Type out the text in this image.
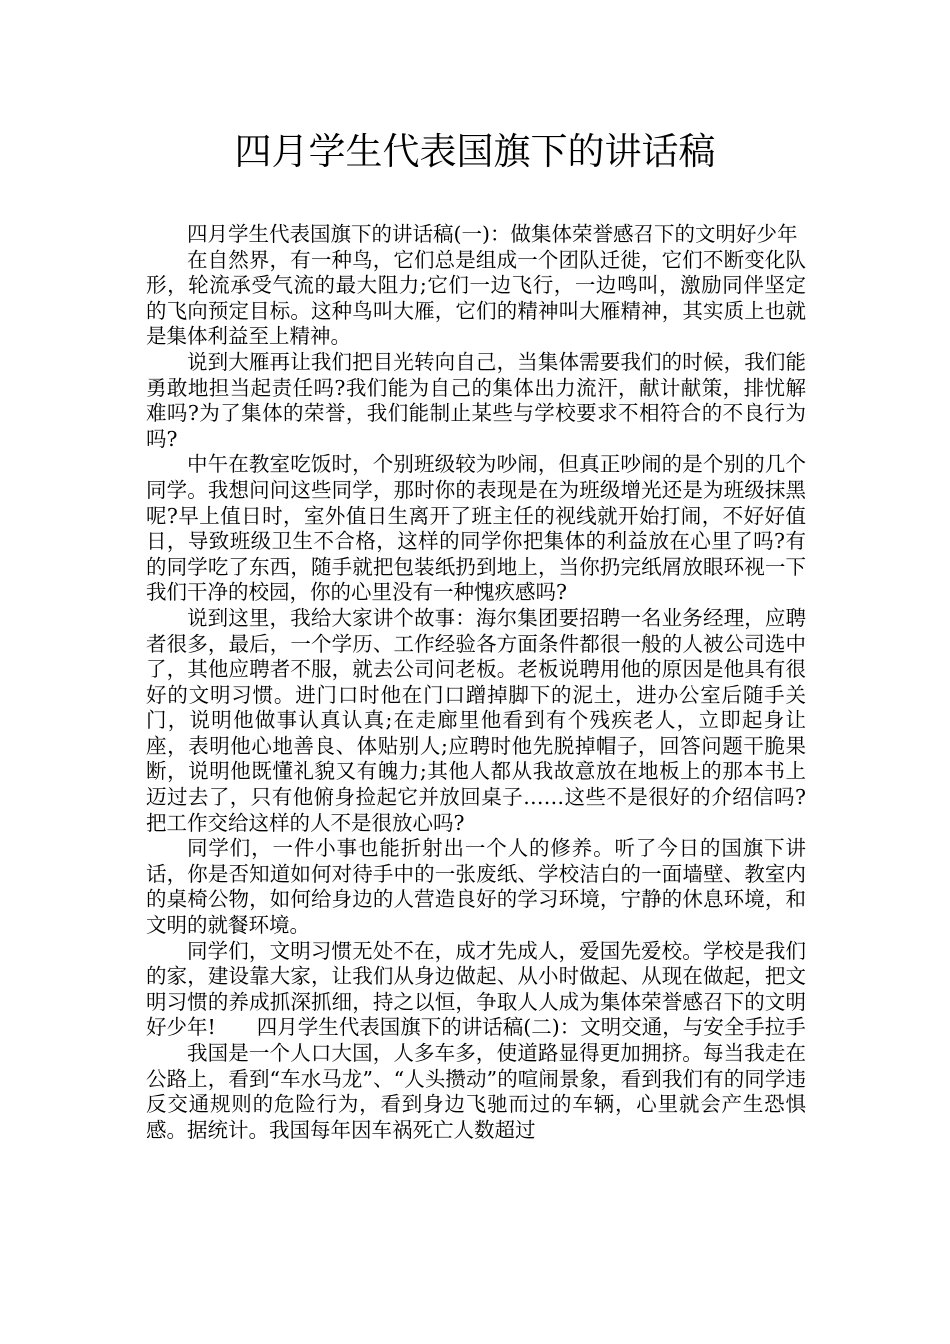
四月学生代表国旗下的讲话稿

四月学生代表国旗下的讲话稿(一)：做集体荣誉感召下的文明好少年

在自然界，有一种鸟，它们总是组成一个团队迁徙，它们不断变化队形，轮流承受气流的最大阻力;它们一边飞行，一边鸣叫，激励同伴坚定的飞向预定目标。这种鸟叫大雁，它们的精神叫大雁精神，其实质上也就是集体利益至上精神。

说到大雁再让我们把目光转向自己，当集体需要我们的时候，我们能勇敢地担当起责任吗?我们能为自己的集体出力流汗，献计献策，排忧解难吗?为了集体的荣誉，我们能制止某些与学校要求不相符合的不良行为吗?

中午在教室吃饭时，个别班级较为吵闹，但真正吵闹的是个别的几个同学。我想问问这些同学，那时你的表现是在为班级增光还是为班级抹黑呢?早上值日时，室外值日生离开了班主任的视线就开始打闹，不好好值日，导致班级卫生不合格，这样的同学你把集体的利益放在心里了吗?有的同学吃了东西，随手就把包装纸扔到地上，当你扔完纸屑放眼环视一下我们干净的校园，你的心里没有一种愧疚感吗?

说到这里，我给大家讲个故事：海尔集团要招聘一名业务经理，应聘者很多，最后，一个学历、工作经验各方面条件都很一般的人被公司选中了，其他应聘者不服，就去公司问老板。老板说聘用他的原因是他具有很好的文明习惯。进门口时他在门口蹭掉脚下的泥土，进办公室后随手关门，说明他做事认真认真;在走廊里他看到有个残疾老人，立即起身让座，表明他心地善良、体贴别人;应聘时他先脱掉帽子，回答问题干脆果断，说明他既懂礼貌又有魄力;其他人都从我故意放在地板上的那本书上迈过去了，只有他俯身捡起它并放回桌子……这些不是很好的介绍信吗?把工作交给这样的人不是很放心吗?

同学们，一件小事也能折射出一个人的修养。听了今日的国旗下讲话，你是否知道如何对待手中的一张废纸、学校洁白的一面墙壁、教室内的桌椅公物，如何给身边的人营造良好的学习环境，宁静的休息环境，和文明的就餐环境。

同学们，文明习惯无处不在，成才先成人，爱国先爱校。学校是我们的家，建设靠大家，让我们从身边做起、从小时做起、从现在做起，把文明习惯的养成抓深抓细，持之以恒，争取人人成为集体荣誉感召下的文明好少年!　　四月学生代表国旗下的讲话稿(二)：文明交通，与安全手拉手

我国是一个人口大国，人多车多，使道路显得更加拥挤。每当我走在公路上，看到“车水马龙”、“人头攒动”的喧闹景象，看到我们有的同学违反交通规则的危险行为，看到身边飞驰而过的车辆，心里就会产生恐惧感。据统计。我国每年因车祸死亡人数超过
